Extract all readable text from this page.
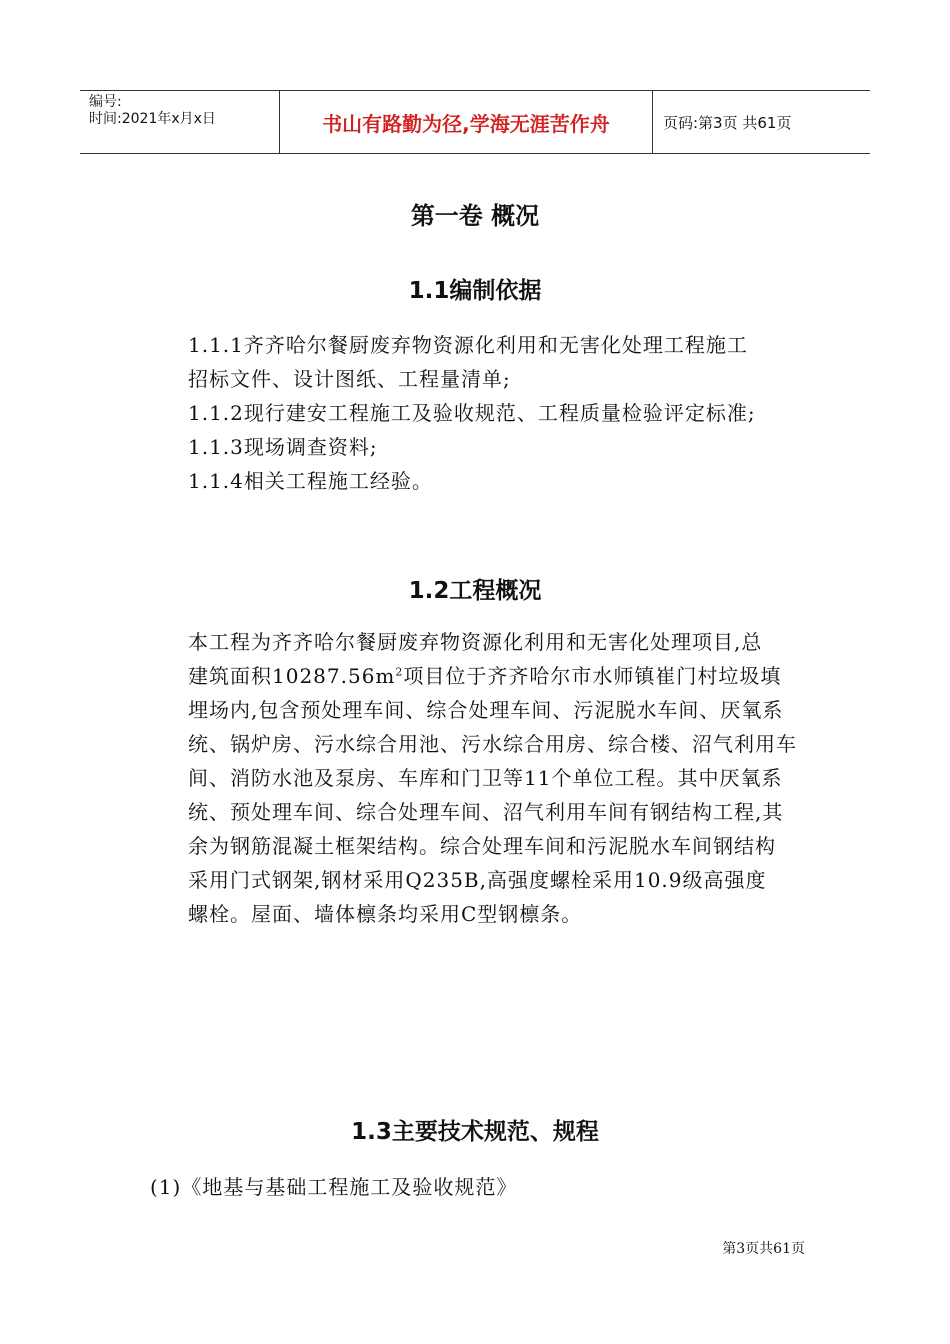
编号:
时间:2021年x月x日	书山有路勤为径,学海无涯苦作舟	页码:第3页 共61页
第一卷 概况
1.1编制依据
1.1.1齐齐哈尔餐厨废弃物资源化利用和无害化处理工程施工
招标文件、设计图纸、工程量清单;
1.1.2现行建安工程施工及验收规范、工程质量检验评定标准;
1.1.3现场调查资料;
1.1.4相关工程施工经验。
1.2工程概况
本工程为齐齐哈尔餐厨废弃物资源化利用和无害化处理项目,总
建筑面积$10287.56m^2$项目位于齐齐哈尔市水师镇崔门村垃圾填
埋场内,包含预处理车间、综合处理车间、污泥脱水车间、厌氧系
统、锅炉房、污水综合用池、污水综合用房、综合楼、沼气利用车
间、消防水池及泵房、车库和门卫等11个单位工程。其中厌氧系
统、预处理车间、综合处理车间、沼气利用车间有钢结构工程,其
余为钢筋混凝土框架结构。综合处理车间和污泥脱水车间钢结构
采用门式钢架,钢材采用Q235B,高强度螺栓采用10.9级高强度
螺栓。屋面、墙体檩条均采用C型钢檩条。
1.3主要技术规范、规程
(1)《地基与基础工程施工及验收规范》
第3页共61页
